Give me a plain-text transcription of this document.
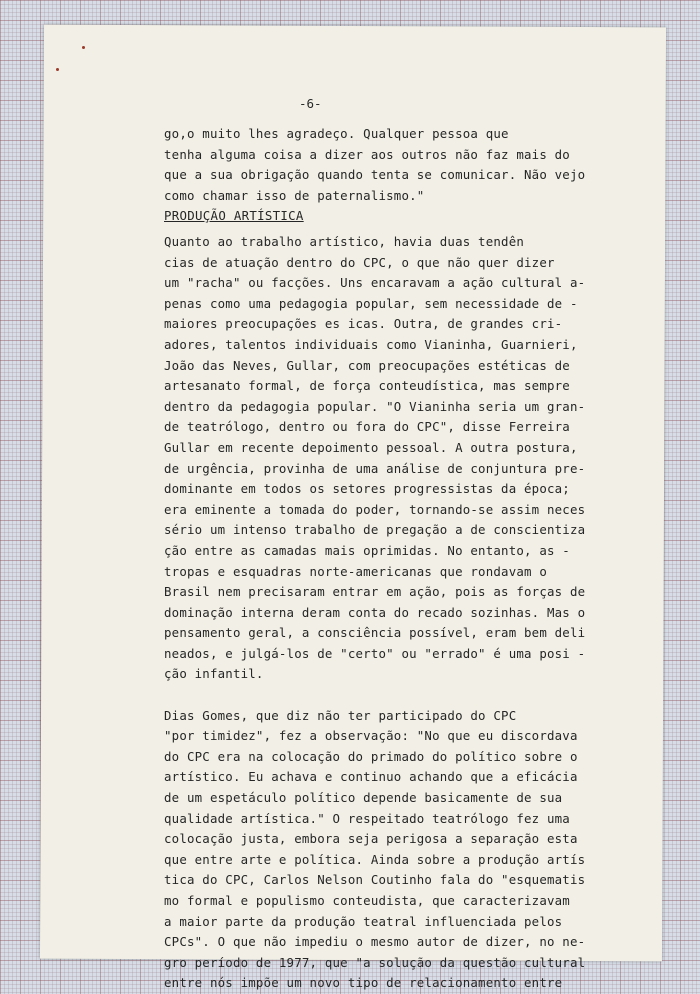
-6-
go,o muito lhes agradeço. Qualquer pessoa que
tenha alguma coisa a dizer aos outros não faz mais do
que a sua obrigação quando tenta se comunicar. Não vejo
como chamar isso de paternalismo."
PRODUÇÃO ARTÍSTICA
Quanto ao trabalho artístico, havia duas tendên
cias de atuação dentro do CPC, o que não quer dizer
um "racha" ou facções. Uns encaravam a ação cultural a-
penas como uma pedagogia popular, sem necessidade de -
maiores preocupações es icas. Outra, de grandes cri-
adores, talentos individuais como Vianinha, Guarnieri,
João das Neves, Gullar, com preocupações estéticas de
artesanato formal, de força conteudística, mas sempre
dentro da pedagogia popular. "O Vianinha seria um gran-
de teatrólogo, dentro ou fora do CPC", disse Ferreira
Gullar em recente depoimento pessoal. A outra postura,
de urgência, provinha de uma análise de conjuntura pre-
dominante em todos os setores progressistas da época;
era eminente a tomada do poder, tornando-se assim neces
sério um intenso trabalho de pregação a de conscientiza
ção entre as camadas mais oprimidas. No entanto, as -
tropas e esquadras norte-americanas que rondavam o
Brasil nem precisaram entrar em ação, pois as forças de
dominação interna deram conta do recado sozinhas. Mas o
pensamento geral, a consciência possível, eram bem deli
neados, e julgá-los de "certo" ou "errado" é uma posi -
ção infantil.
Dias Gomes, que diz não ter participado do CPC
"por timidez", fez a observação: "No que eu discordava
do CPC era na colocação do primado do político sobre o
artístico. Eu achava e continuo achando que a eficácia
de um espetáculo político depende basicamente de sua
qualidade artística." O respeitado teatrólogo fez uma
colocação justa, embora seja perigosa a separação esta
que entre arte e política. Ainda sobre a produção artís
tica do CPC, Carlos Nelson Coutinho fala do "esquematis
mo formal e populismo conteudista, que caracterizavam
a maior parte da produção teatral influenciada pelos
CPCs". O que não impediu o mesmo autor de dizer, no ne-
gro período de 1977, que "a solução da questão cultural
entre nós impõe um novo tipo de relacionamento entre
